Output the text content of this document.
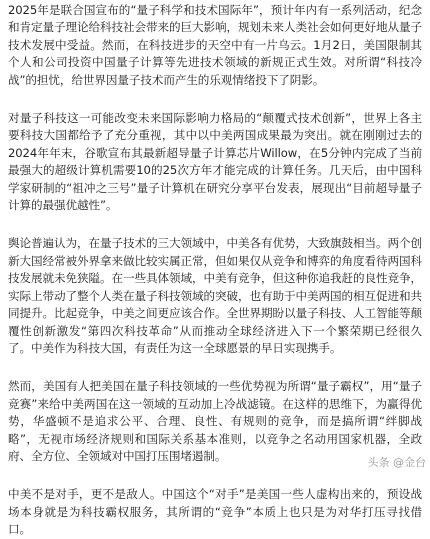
2025年是联合国宣布的“量子科学和技术国际年”，预计年内有一系列活动，纪念和肯定量子理论给科技社会带来的巨大影响，规划未来人类社会如何更好地从量子技术发展中受益。然而，在科技进步的天空中有一片乌云。1月2日，美国限制其个人和公司投资中国量子计算等先进技术领域的新规正式生效。对所谓“科技冷战”的担忧，给世界因量子技术而产生的乐观情绪投下了阴影。

对量子科技这一可能改变未来国际影响力格局的“颠覆式技术创新”，世界上各主要科技大国都给予了充分重视，其中以中美两国成果最为突出。就在刚刚过去的2024年年末，谷歌宣布其最新超导量子计算芯片Willow，在5分钟内完成了当前最强大的超级计算机需要10的25次方年才能完成的计算任务。几天后，由中国科学家研制的“祖冲之三号”量子计算机在研究分享平台发表，展现出“目前超导量子计算的最强优越性”。

舆论普遍认为，在量子技术的三大领域中，中美各有优势，大致旗鼓相当。两个创新大国经常被外界拿来做比较实属正常，但如果仅从竞争和博弈的角度看待两国科技发展就未免狭隘。在一些具体领域，中美有竞争，但这种你追我赶的良性竞争，实际上带动了整个人类在量子科技领域的突破，也有助于中美两国的相互促进和共同提升。比起竞争，中美之间更应该合作。全世界期盼以量子科技、人工智能等颠覆性创新激发“第四次科技革命”从而推动全球经济进入下一个繁荣期已经很久了。中美作为科技大国，有责任为这一全球愿景的早日实现携手。

然而，美国有人把美国在量子科技领域的一些优势视为所谓“量子霸权”，用“量子竞赛”来给中美两国在这一领域的互动加上冷战滤镜。在这样的思维下，为赢得优势，华盛顿不是追求公平、合理、良性、有规则的竞争，而是搞所谓“绊脚战略”，无视市场经济规则和国际关系基本准则，以竞争之名动用国家机器，全政府、全方位、全领域对中国打压围堵遏制。

中美不是对手，更不是敌人。中国这个“对手”是美国一些人虚构出来的，预设战场本身就是为科技霸权服务，其所谓的“竞争”本质上也只是为对华打压寻找借口。

头条 @金台
